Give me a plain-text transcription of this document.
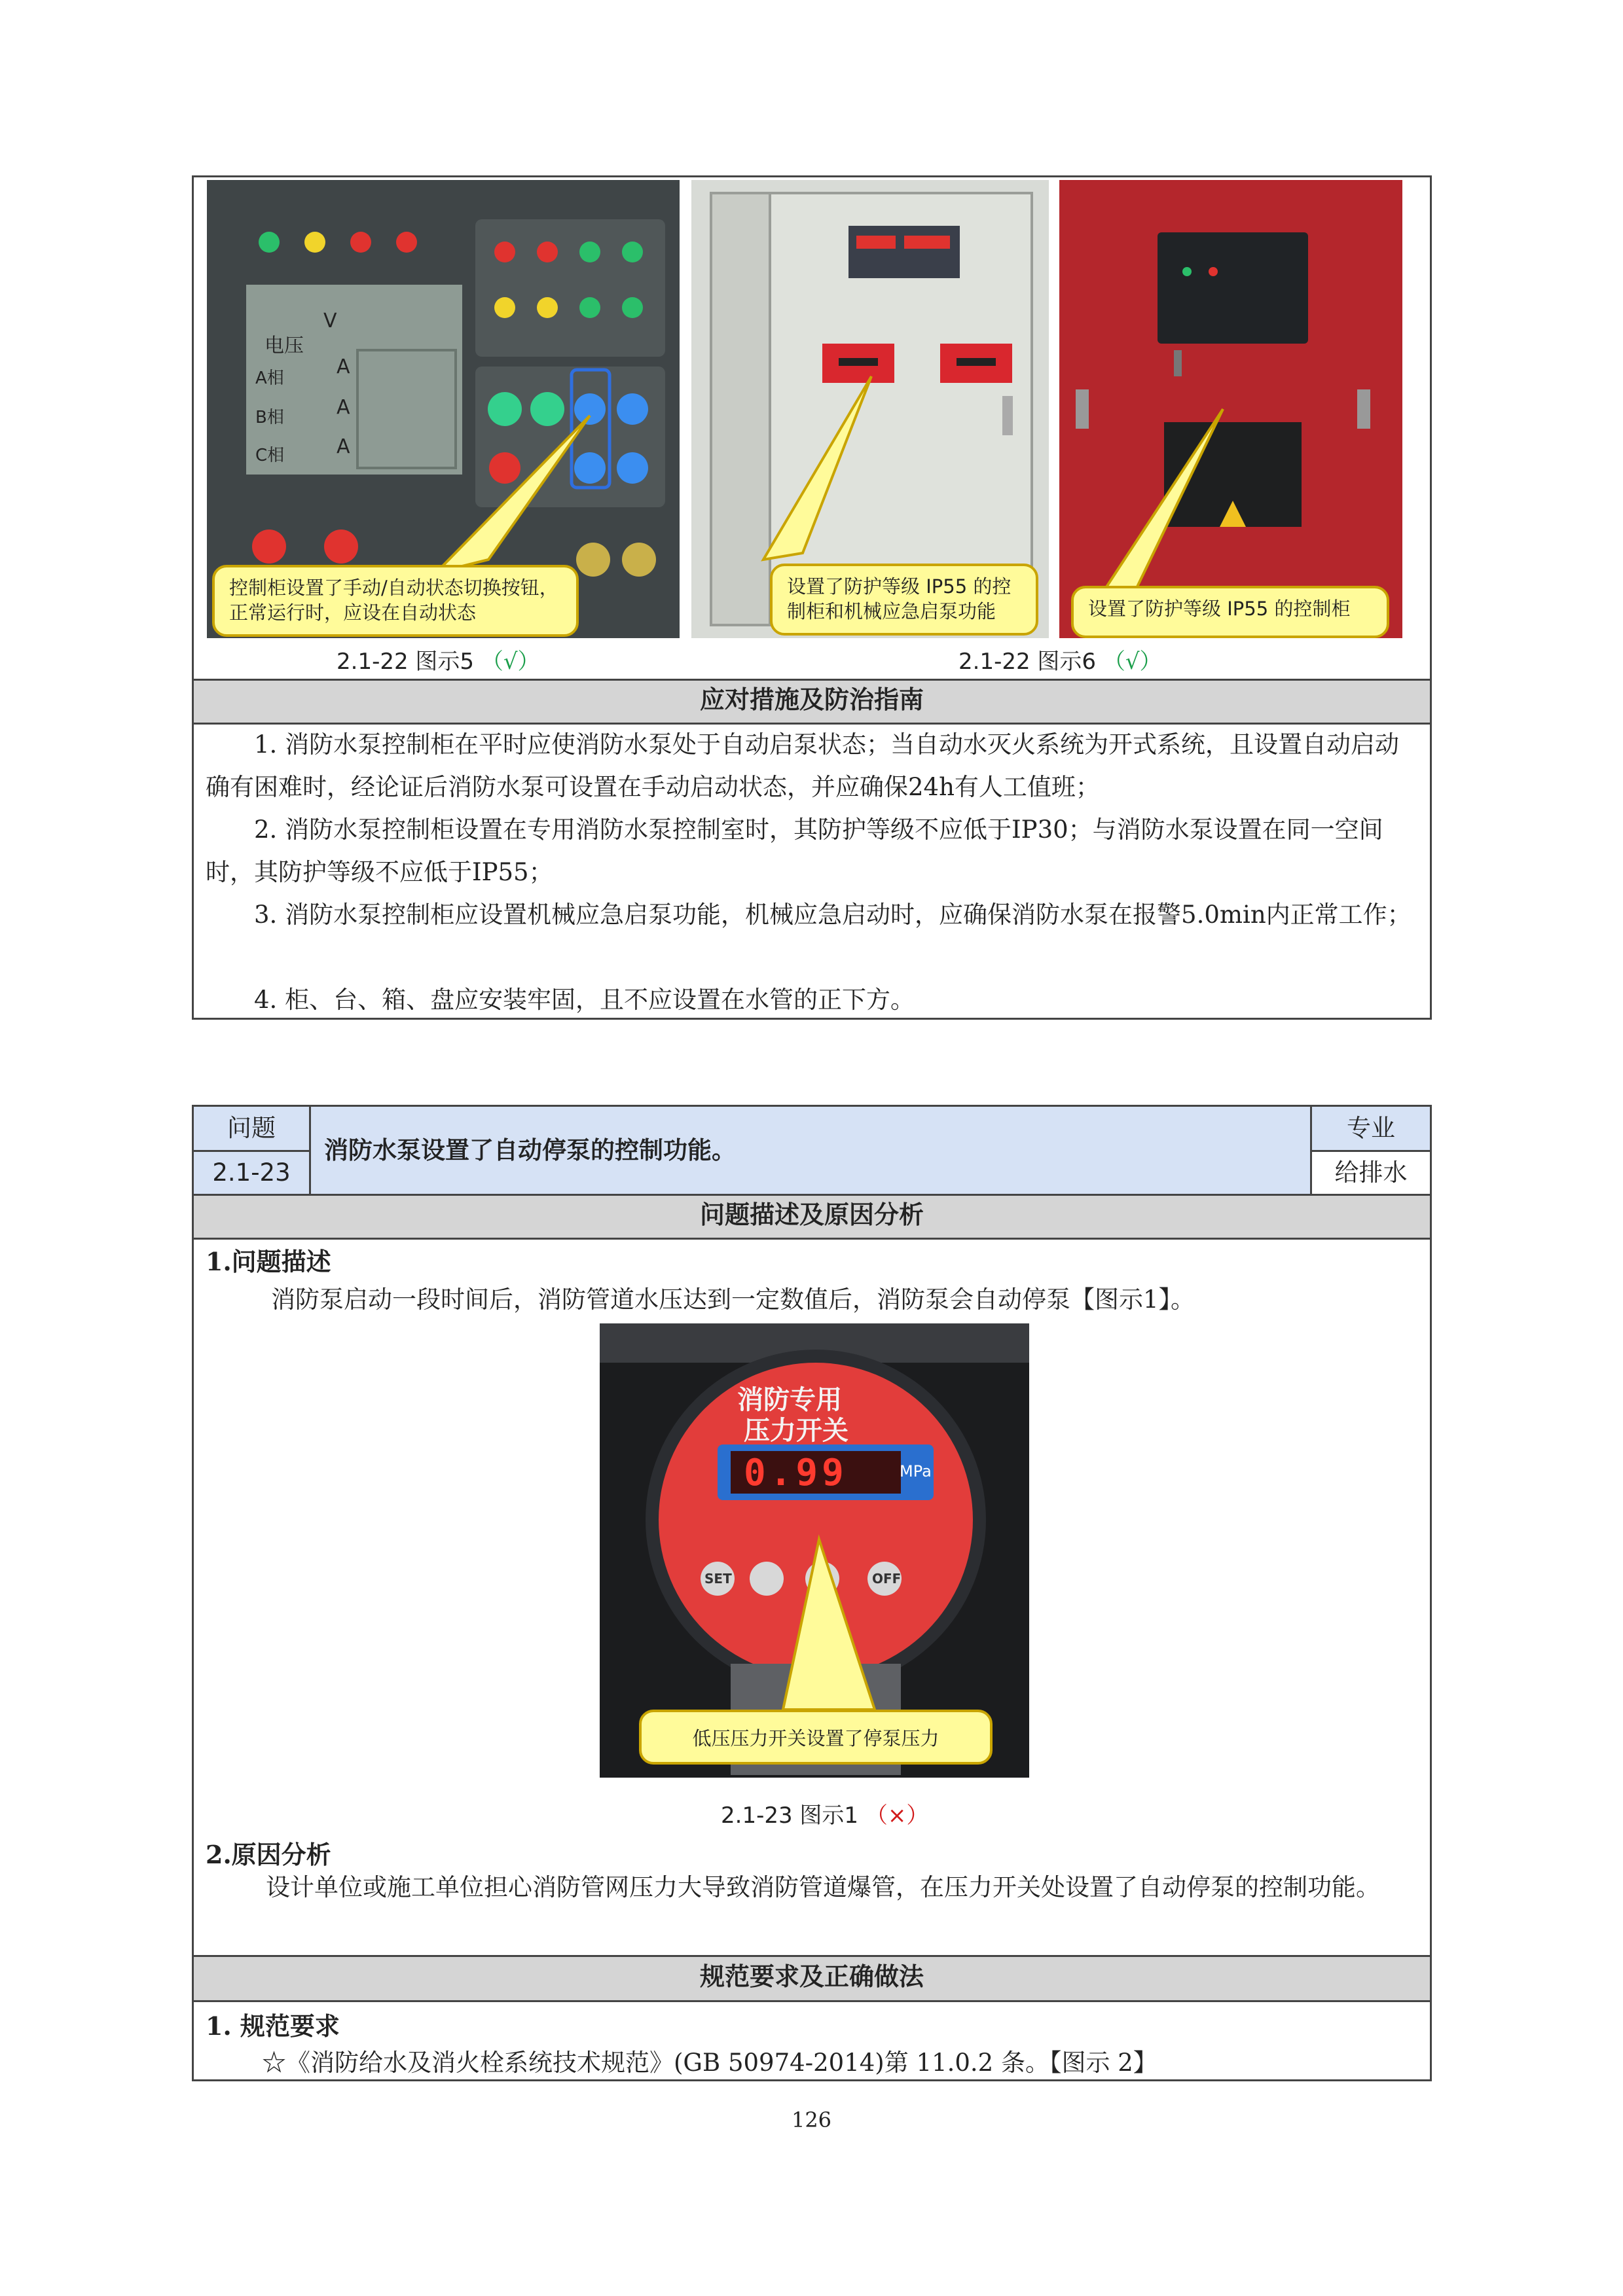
电压
V
A相
B相
C相
A
A
A
控制柜设置了手动/自动状态切换按钮，正常运行时，应设在自动状态
设置了防护等级 IP55 的控制柜和机械应急启泵功能	设置了防护等级 IP55 的控制柜
2.1-22 图示5 （√）	2.1-22 图示6 （√）
应对措施及防治指南
1. 消防水泵控制柜在平时应使消防水泵处于自动启泵状态；当自动水灭火系统为开式系统，且设置自动启动确有困难时，经论证后消防水泵可设置在手动启动状态，并应确保24h有人工值班；
2. 消防水泵控制柜设置在专用消防水泵控制室时，其防护等级不应低于IP30；与消防水泵设置在同一空间时，其防护等级不应低于IP55；
3. 消防水泵控制柜应设置机械应急启泵功能，机械应急启动时，应确保消防水泵在报警5.0min内正常工作；
4. 柜、台、箱、盘应安装牢固，且不应设置在水管的正下方。
问题
2.1-23
消防水泵设置了自动停泵的控制功能。
专业
给排水
问题描述及原因分析
1.问题描述
消防泵启动一段时间后，消防管道水压达到一定数值后，消防泵会自动停泵【图示1】。
消防专用
压力开关
0.99	MPa
SET	OFF
低压压力开关设置了停泵压力
2.1-23 图示1 （×）
2.原因分析
设计单位或施工单位担心消防管网压力大导致消防管道爆管，在压力开关处设置了自动停泵的控制功能。
规范要求及正确做法
1. 规范要求
☆《消防给水及消火栓系统技术规范》(GB 50974-2014)第 11.0.2 条。【图示 2】
126
